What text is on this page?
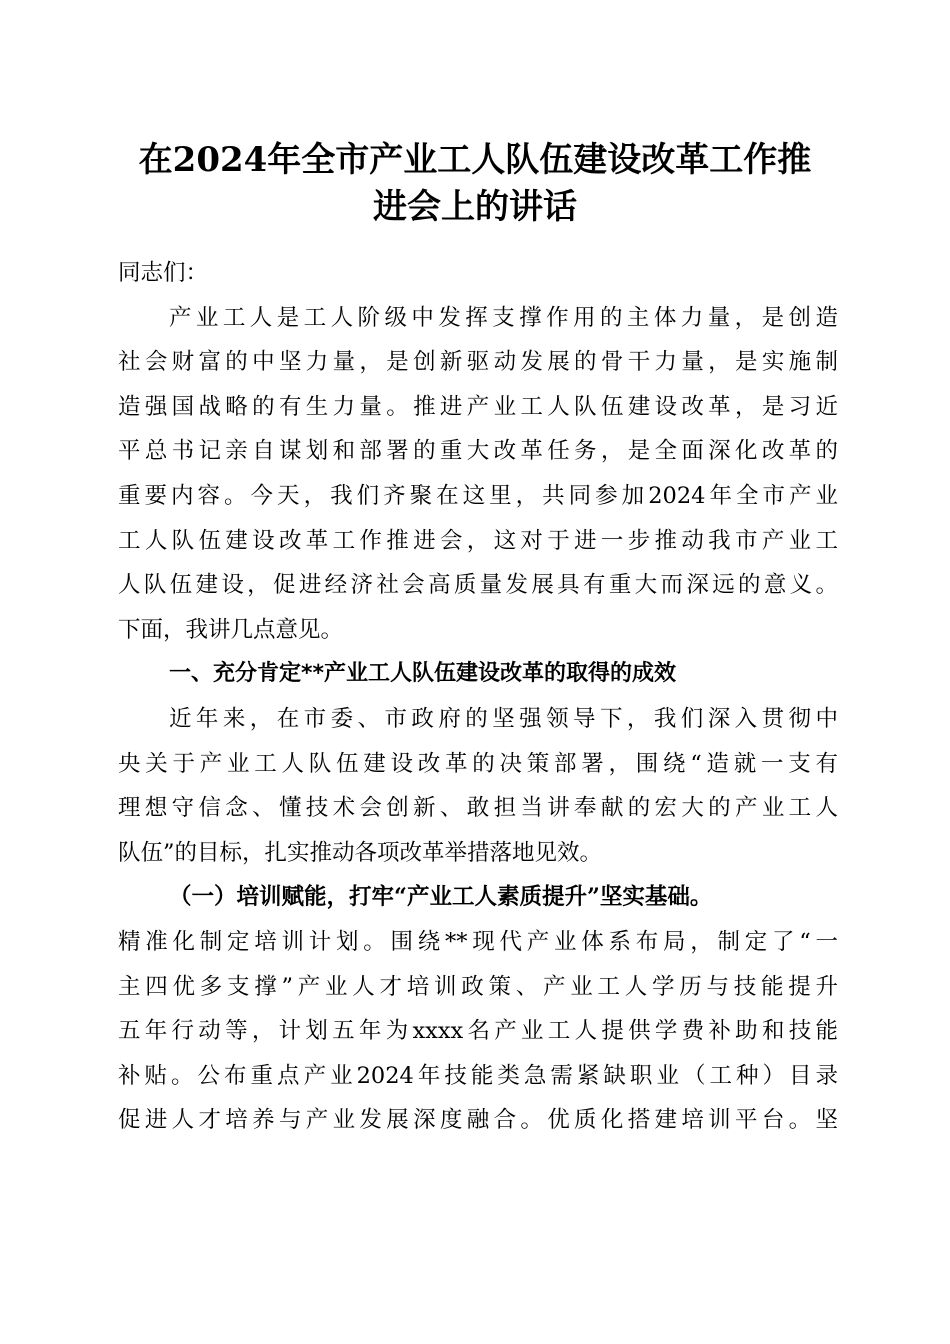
在2024年全市产业工人队伍建设改革工作推
进会上的讲话
同志们：
产业工人是工人阶级中发挥支撑作用的主体力量，是创造
社会财富的中坚力量，是创新驱动发展的骨干力量，是实施制
造强国战略的有生力量。推进产业工人队伍建设改革，是习近
平总书记亲自谋划和部署的重大改革任务，是全面深化改革的
重要内容。今天，我们齐聚在这里，共同参加2024年全市产业
工人队伍建设改革工作推进会，这对于进一步推动我市产业工
人队伍建设，促进经济社会高质量发展具有重大而深远的意义。
下面，我讲几点意见。
一、充分肯定**产业工人队伍建设改革的取得的成效
近年来，在市委、市政府的坚强领导下，我们深入贯彻中
央关于产业工人队伍建设改革的决策部署，围绕“造就一支有
理想守信念、懂技术会创新、敢担当讲奉献的宏大的产业工人
队伍”的目标，扎实推动各项改革举措落地见效。
（一）培训赋能，打牢“产业工人素质提升”坚实基础。
精准化制定培训计划。围绕**现代产业体系布局，制定了“一
主四优多支撑”产业人才培训政策、产业工人学历与技能提升
五年行动等，计划五年为xxxx名产业工人提供学费补助和技能
补贴。公布重点产业2024年技能类急需紧缺职业（工种）目录
促进人才培养与产业发展深度融合。优质化搭建培训平台。坚
